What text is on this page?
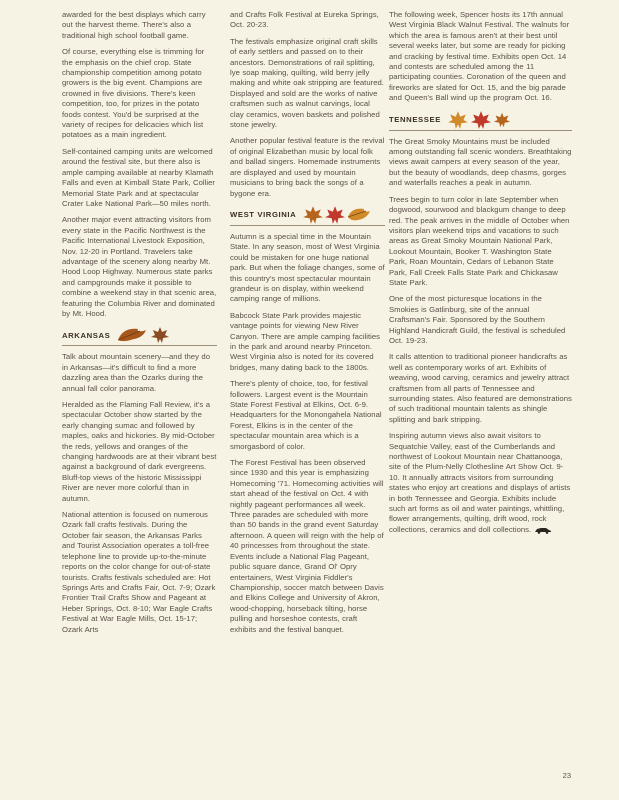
awarded for the best displays which carry out the harvest theme. There's also a traditional high school football game.

Of course, everything else is trimming for the emphasis on the chief crop. State championship competition among potato growers is the big event. Champions are crowned in five divisions. There's keen competition, too, for prizes in the potato foods contest. You'd be surprised at the variety of recipes for delicacies which list potatoes as a main ingredient.

Self-contained camping units are welcomed around the festival site, but there also is ample camping available at nearby Klamath Falls and even at Kimball State Park, Collier Memorial State Park and at spectacular Crater Lake National Park—50 miles north.

Another major event attracting visitors from every state in the Pacific Northwest is the Pacific International Livestock Exposition, Nov. 12-20 in Portland. Travelers take advantage of the scenery along nearby Mt. Hood Loop Highway. Numerous state parks and campgrounds make it possible to combine a weekend stay in that scenic area, featuring the Columbia River and dominated by Mt. Hood.

ARKANSAS

Talk about mountain scenery—and they do in Arkansas—it's difficult to find a more dazzling area than the Ozarks during the annual fall color panorama.

Heralded as the Flaming Fall Review, it's a spectacular October show started by the early changing sumac and followed by maples, oaks and hickories. By mid-October the reds, yellows and oranges of the changing hardwoods are at their vibrant best against a background of dark evergreens. Bluff-top views of the historic Mississippi River are never more colorful than in autumn.

National attention is focused on numerous Ozark fall crafts festivals. During the October fair season, the Arkansas Parks and Tourist Association operates a toll-free telephone line to provide up-to-the-minute reports on the color change for out-of-state tourists. Crafts festivals scheduled are: Hot Springs Arts and Crafts Fair, Oct. 7-9; Ozark Frontier Trail Crafts Show and Pageant at Heber Springs, Oct. 8-10; War Eagle Crafts Festival at War Eagle Mills, Oct. 15-17; Ozark Arts

and Crafts Folk Festival at Eureka Springs, Oct. 20-23.

The festivals emphasize original craft skills of early settlers and passed on to their ancestors. Demonstrations of rail splitting, lye soap making, quilting, wild berry jelly making and white oak stripping are featured. Displayed and sold are the works of native craftsmen such as walnut carvings, local clay ceramics, woven baskets and polished stone jewelry.

Another popular festival feature is the revival of original Elizabethan music by local folk and ballad singers. Homemade instruments are displayed and used by mountain musicians to bring back the songs of a bygone era.

WEST VIRGINIA

Autumn is a special time in the Mountain State. In any season, most of West Virginia could be mistaken for one huge national park. But when the foliage changes, some of this country's most spectacular mountain grandeur is on display, within weekend camping range of millions.

Babcock State Park provides majestic vantage points for viewing New River Canyon. There are ample camping facilities in the park and around nearby Princeton. West Virginia also is noted for its covered bridges, many dating back to the 1800s.

There's plenty of choice, too, for festival followers. Largest event is the Mountain State Forest Festival at Elkins, Oct. 6-9. Headquarters for the Monongahela National Forest, Elkins is in the center of the spectacular mountain area which is a smorgasbord of color.

The Forest Festival has been observed since 1930 and this year is emphasizing Homecoming '71. Homecoming activities will start ahead of the festival on Oct. 4 with nightly pageant performances all week. Three parades are scheduled with more than 50 bands in the grand event Saturday afternoon. A queen will reign with the help of 40 princesses from throughout the state. Events include a National Flag Pageant, public square dance, Grand Ol' Opry entertainers, West Virginia Fiddler's Championship, soccer match between Davis and Elkins College and University of Akron, wood-chopping, horseback tilting, horse pulling and horseshoe contests, craft exhibits and the festival banquet.

The following week, Spencer hosts its 17th annual West Virginia Black Walnut Festival. The walnuts for which the area is famous aren't at their best until several weeks later, but some are ready for picking and cracking by festival time. Exhibits open Oct. 14 and contests are scheduled among the 11 participating counties. Coronation of the queen and fireworks are slated for Oct. 15, and the big parade and Queen's Ball wind up the program Oct. 16.

TENNESSEE

The Great Smoky Mountains must be included among outstanding fall scenic wonders. Breathtaking views await campers at every season of the year, but the beauty of woodlands, deep chasms, gorges and waterfalls reaches a peak in autumn.

Trees begin to turn color in late September when dogwood, sourwood and blackgum change to deep red. The peak arrives in the middle of October when visitors plan weekend trips and vacations to such areas as Great Smoky Mountain National Park, Lookout Mountain, Booker T. Washington State Park, Roan Mountain, Cedars of Lebanon State Park, Fall Creek Falls State Park and Chickasaw State Park.

One of the most picturesque locations in the Smokies is Gatlinburg, site of the annual Craftsman's Fair. Sponsored by the Southern Highland Handicraft Guild, the festival is scheduled Oct. 19-23.

It calls attention to traditional pioneer handicrafts as well as contemporary works of art. Exhibits of weaving, wood carving, ceramics and jewelry attract craftsmen from all parts of Tennessee and surrounding states. Also featured are demonstrations of such traditional mountain talents as shingle splitting and bark stripping.

Inspiring autumn views also await visitors to Sequatchie Valley, east of the Cumberlands and northwest of Lookout Mountain near Chattanooga, site of the Plum-Nelly Clothesline Art Show Oct. 9-10. It annually attracts visitors from surrounding states who enjoy art creations and displays of artists in both Tennessee and Georgia. Exhibits include such art forms as oil and water paintings, whittling, flower arrangements, quilting, drift wood, rock collections, ceramics and doll collections.

23
